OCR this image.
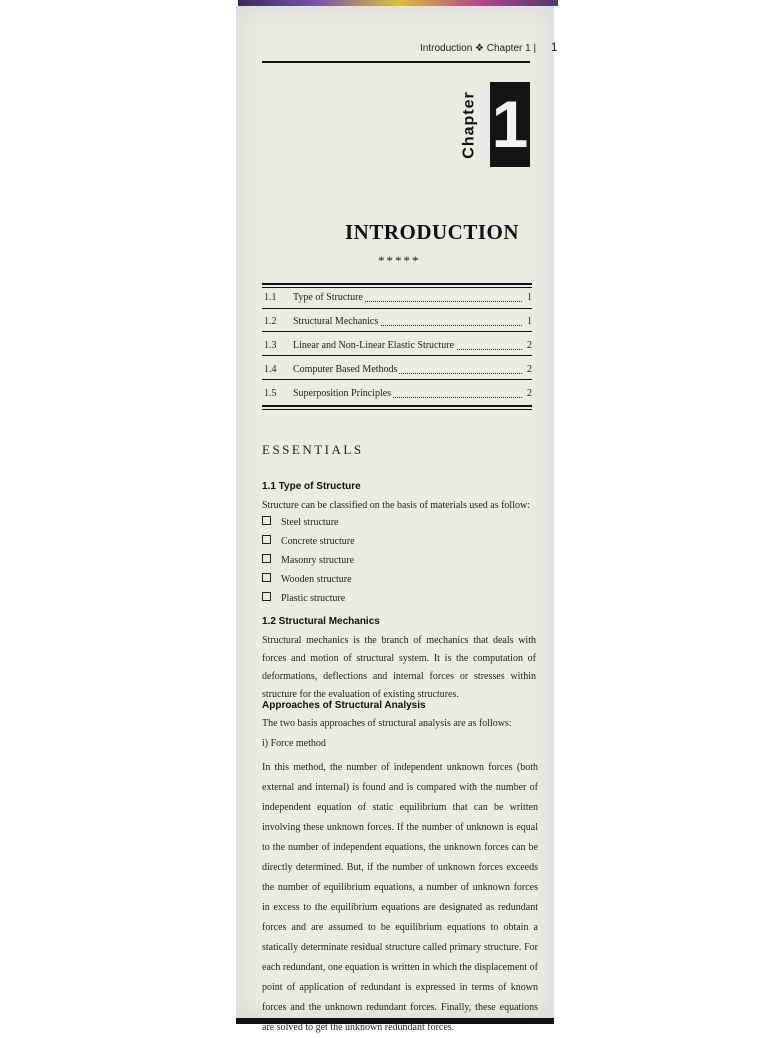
Introduction ❖ Chapter 1 | 1
Chapter 1
INTRODUCTION
*****
1.1 Type of Structure	1
1.2 Structural Mechanics	1
1.3 Linear and Non-Linear Elastic Structure	2
1.4 Computer Based Methods	2
1.5 Superposition Principles	2
ESSENTIALS
1.1 Type of Structure
Structure can be classified on the basis of materials used as follow:
Steel structure
Concrete structure
Masonry structure
Wooden structure
Plastic structure
1.2 Structural Mechanics
Structural mechanics is the branch of mechanics that deals with forces and motion of structural system. It is the computation of deformations, deflections and internal forces or stresses within structure for the evaluation of existing structures.
Approaches of Structural Analysis
The two basis approaches of structural analysis are as follows:
i) Force method
In this method, the number of independent unknown forces (both external and internal) is found and is compared with the number of independent equation of static equilibrium that can be written involving these unknown forces. If the number of unknown is equal to the number of independent equations, the unknown forces can be directly determined. But, if the number of unknown forces exceeds the number of equilibrium equations, a number of unknown forces in excess to the equilibrium equations are designated as redundant forces and are assumed to be equilibrium equations to obtain a statically determinate residual structure called primary structure. For each redundant, one equation is written in which the displacement of point of application of redundant is expressed in terms of known forces and the unknown redundant forces. Finally, these equations are solved to get the unknown redundant forces.
